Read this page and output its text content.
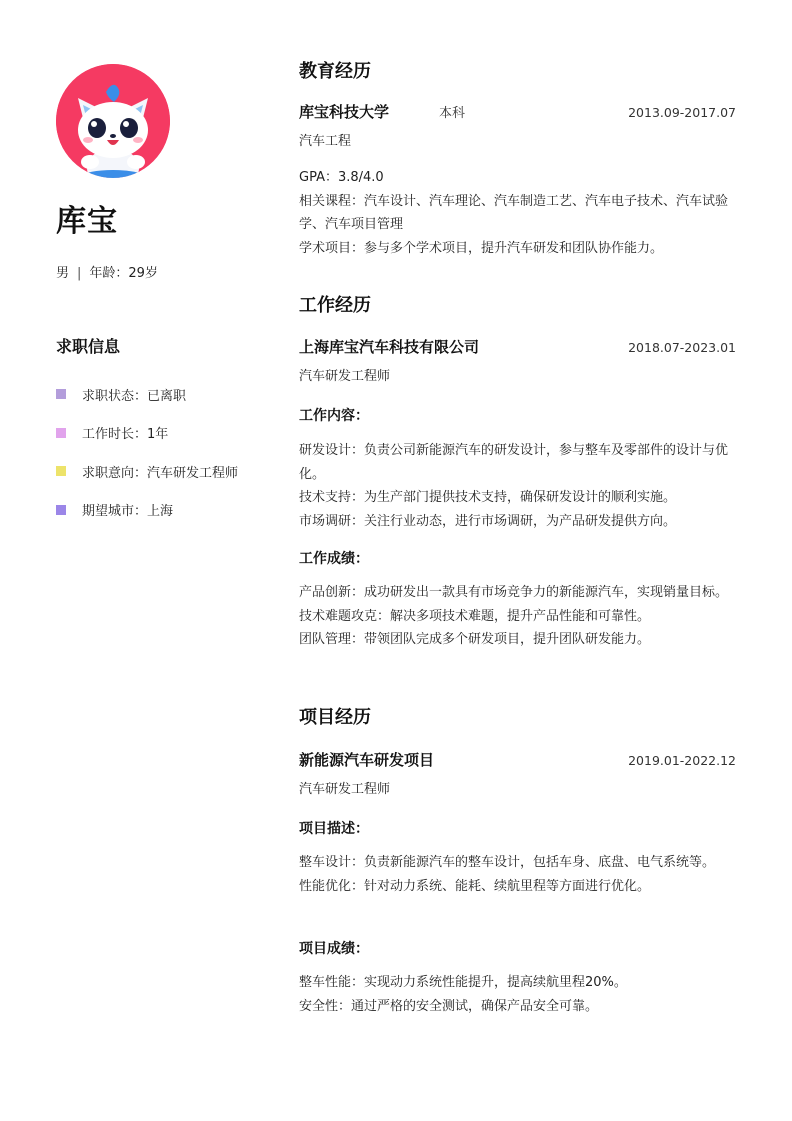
库宝
男 | 年龄：29岁
求职信息
求职状态：已离职
工作时长：1年
求职意向：汽车研发工程师
期望城市：上海
教育经历
库宝科技大学	本科	2013.09-2017.07
汽车工程

GPA：3.8/4.0

相关课程：汽车设计、汽车理论、汽车制造工艺、汽车电子技术、汽车试验学、汽车项目管理

学术项目：参与多个学术项目，提升汽车研发和团队协作能力。

工作经历
上海库宝汽车科技有限公司	2018.07-2023.01
汽车研发工程师
工作内容：

研发设计：负责公司新能源汽车的研发设计，参与整车及零部件的设计与优化。

技术支持：为生产部门提供技术支持，确保研发设计的顺利实施。

市场调研：关注行业动态，进行市场调研，为产品研发提供方向。

工作成绩：

产品创新：成功研发出一款具有市场竞争力的新能源汽车，实现销量目标。

技术难题攻克：解决多项技术难题，提升产品性能和可靠性。

团队管理：带领团队完成多个研发项目，提升团队研发能力。

项目经历
新能源汽车研发项目	2019.01-2022.12
汽车研发工程师
项目描述：

整车设计：负责新能源汽车的整车设计，包括车身、底盘、电气系统等。

性能优化：针对动力系统、能耗、续航里程等方面进行优化。

项目成绩：

整车性能：实现动力系统性能提升，提高续航里程20%。

安全性：通过严格的安全测试，确保产品安全可靠。
